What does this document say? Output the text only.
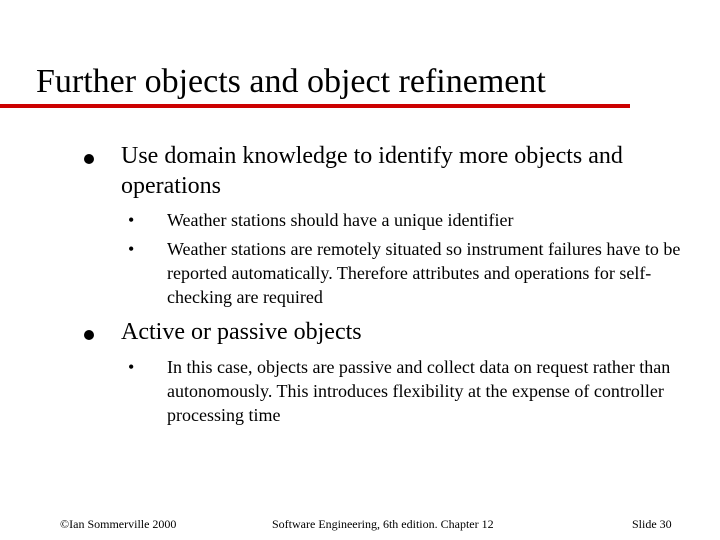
Further objects and object refinement
Use domain knowledge to identify more objects and operations
• Weather stations should have a unique identifier
• Weather stations are remotely situated so instrument failures have to be reported automatically. Therefore attributes and operations for self-checking are required
Active or passive objects
• In this case, objects are passive and collect data on request rather than autonomously. This introduces flexibility at the expense of controller processing time
©Ian Sommerville 2000	Software Engineering, 6th edition. Chapter 12	Slide 30
